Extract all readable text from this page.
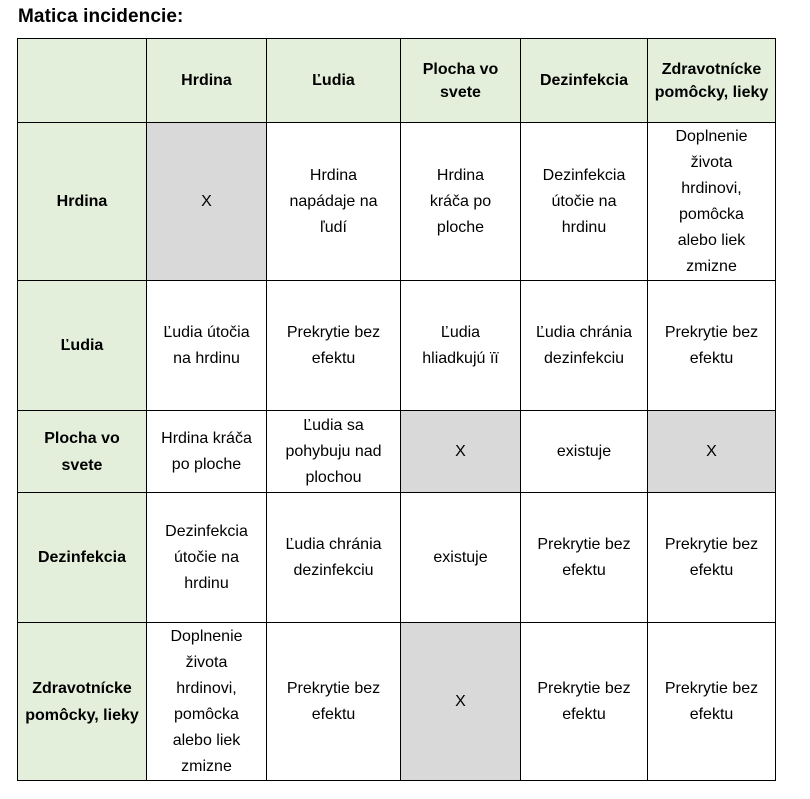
Matica incidencie:
	Hrdina	Ľudia	Plocha vo svete	Dezinfekcia	Zdravotnícke pomôcky, lieky
Hrdina	X	Hrdina napádaje na ľudí	Hrdina kráča po ploche	Dezinfekcia útočie na hrdinu	Doplnenie života hrdinovi, pomôcka alebo liek zmizne
Ľudia	Ľudia útočia na hrdinu	Prekrytie bez efektu	Ľudia hliadkujú ïï	Ľudia chránia dezinfekciu	Prekrytie bez efektu
Plocha vo svete	Hrdina kráča po ploche	Ľudia sa pohybuju nad plochou	X	existuje	X
Dezinfekcia	Dezinfekcia útočie na hrdinu	Ľudia chránia dezinfekciu	existuje	Prekrytie bez efektu	Prekrytie bez efektu
Zdravotnícke pomôcky, lieky	Doplnenie života hrdinovi, pomôcka alebo liek zmizne	Prekrytie bez efektu	X	Prekrytie bez efektu	Prekrytie bez efektu
